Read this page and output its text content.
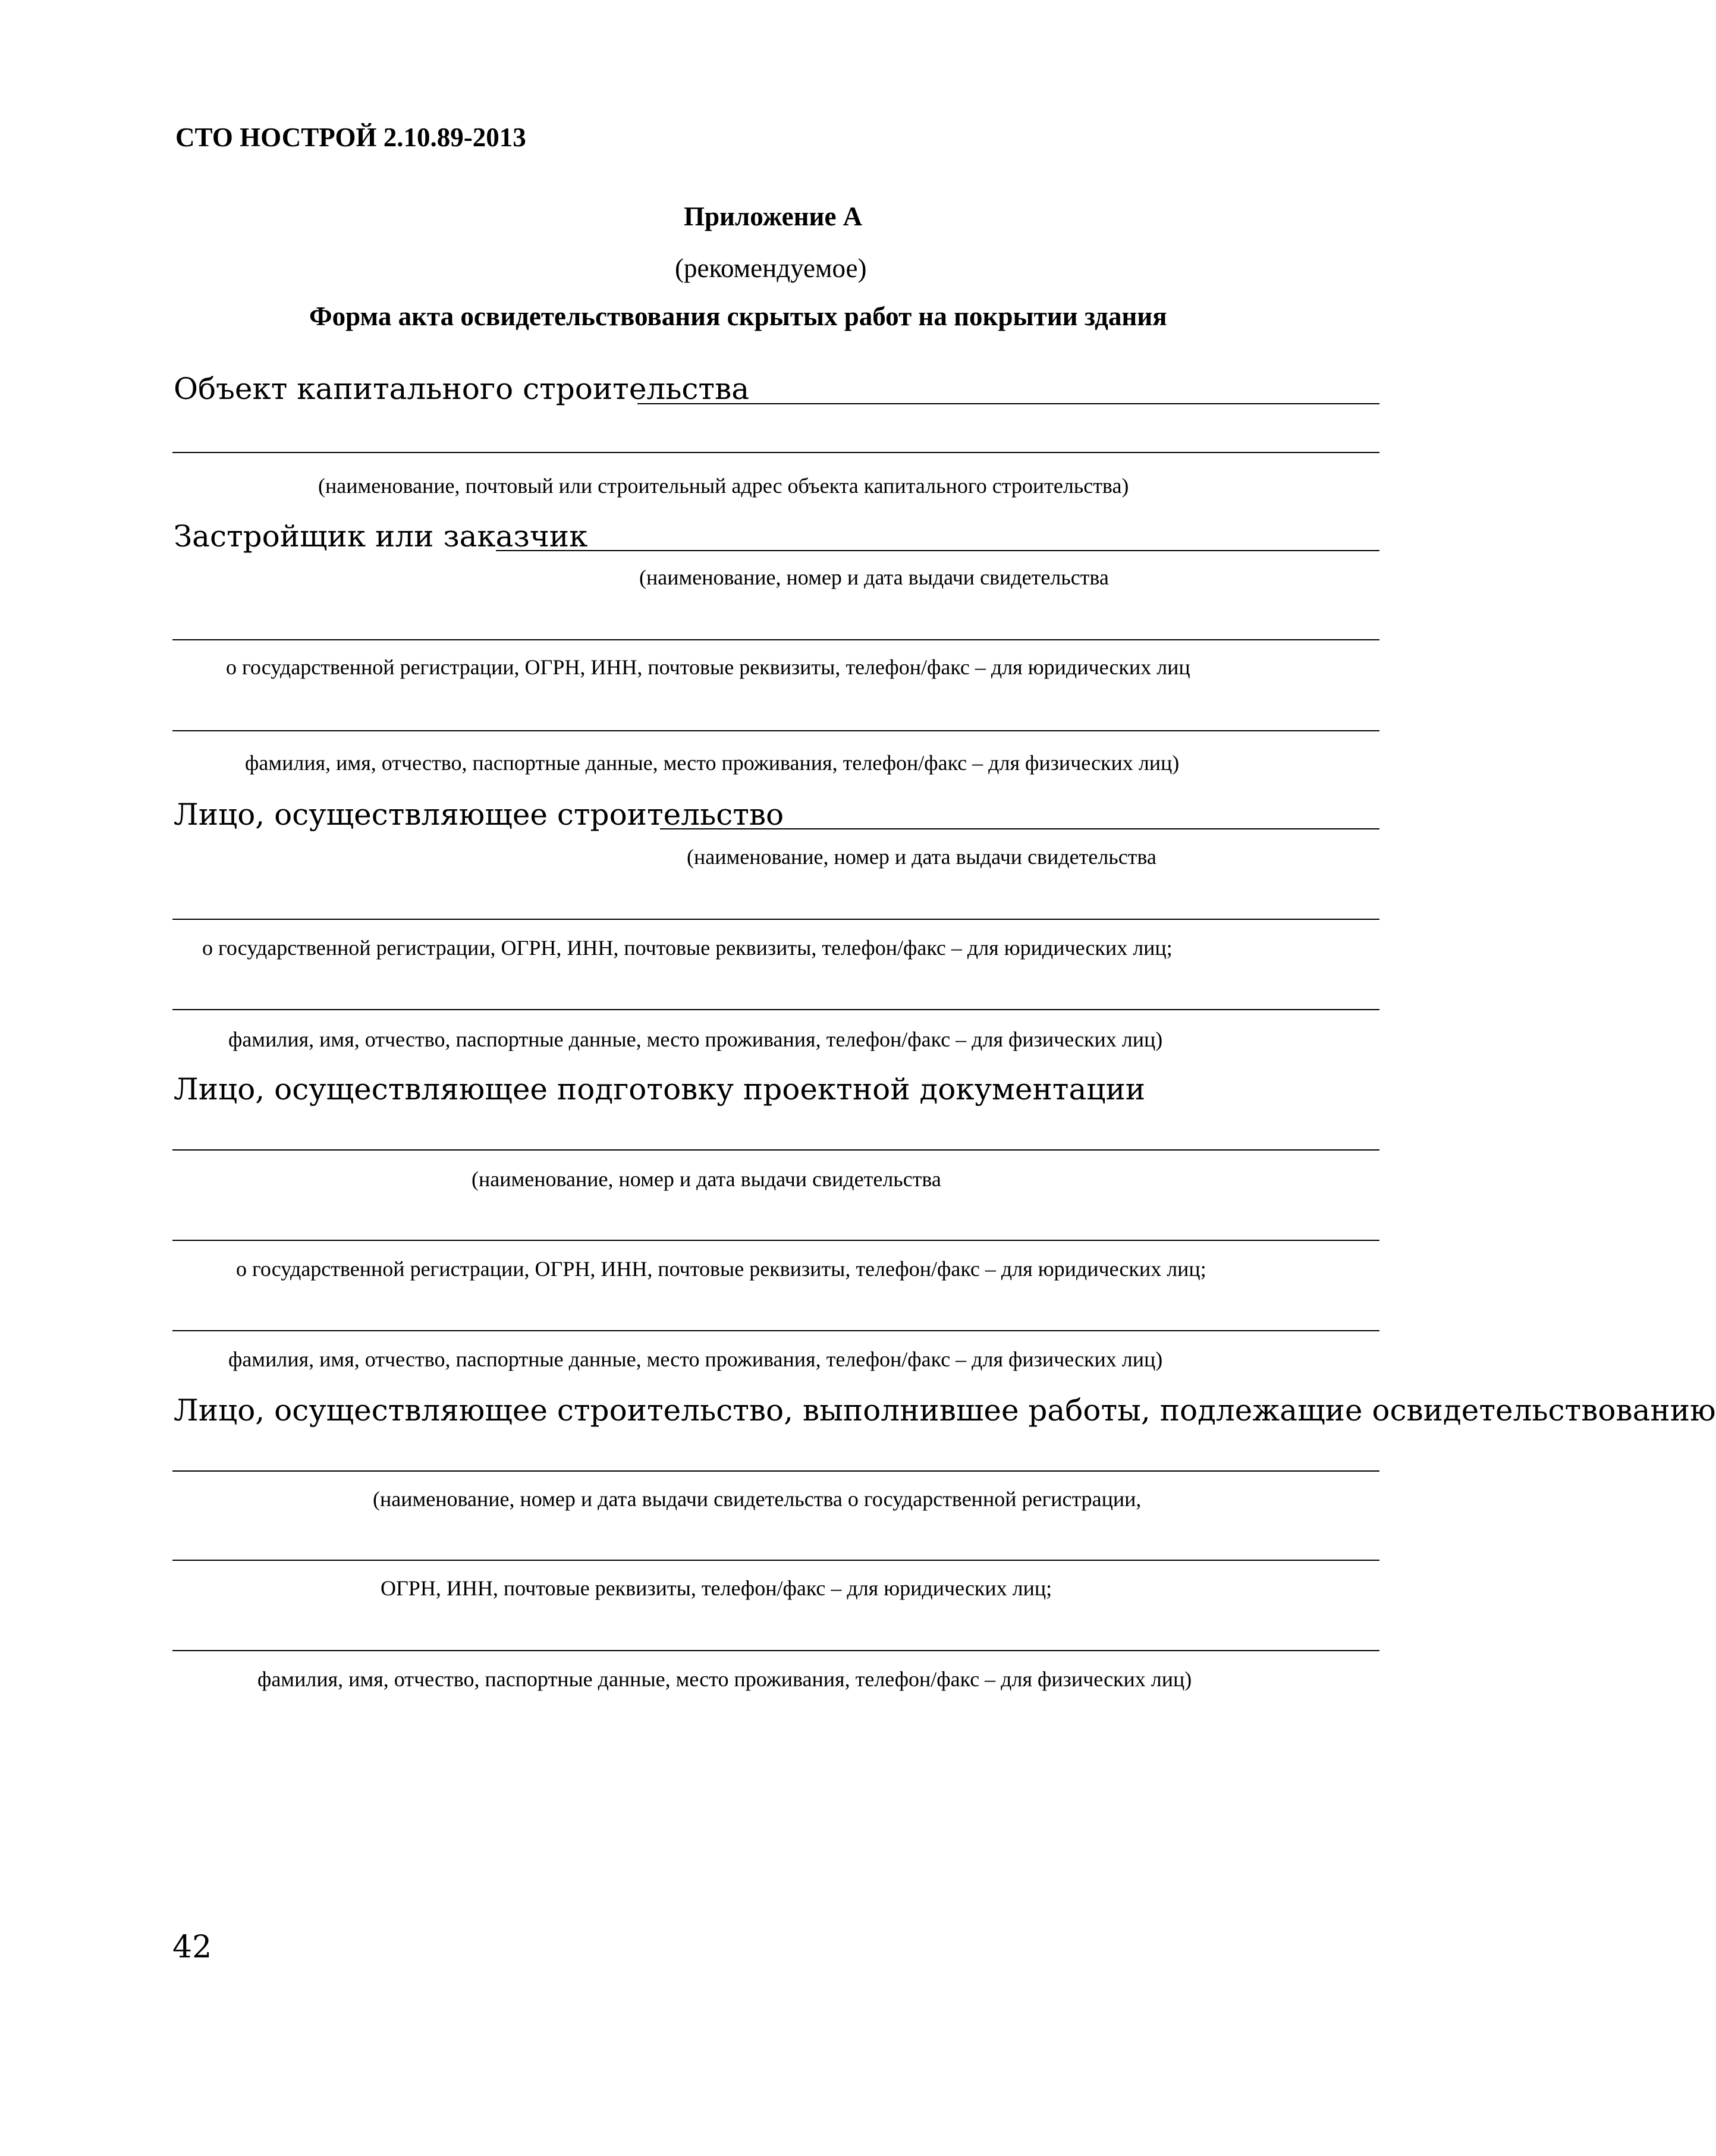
СТО НОСТРОЙ 2.10.89-2013
Приложение А
(рекомендуемое)
Форма акта освидетельствования скрытых работ на покрытии здания
Объект капитального строительства
(наименование, почтовый или строительный адрес объекта капитального строительства)
Застройщик или заказчик
(наименование, номер и дата выдачи свидетельства
о государственной регистрации, ОГРН, ИНН, почтовые реквизиты, телефон/факс – для юридических лиц
фамилия, имя, отчество, паспортные данные, место проживания, телефон/факс – для физических лиц)
Лицо, осуществляющее строительство
(наименование, номер и дата выдачи свидетельства
о государственной регистрации, ОГРН, ИНН, почтовые реквизиты, телефон/факс – для юридических лиц;
фамилия, имя, отчество, паспортные данные, место проживания, телефон/факс – для физических лиц)
Лицо, осуществляющее подготовку проектной документации
(наименование, номер и дата выдачи свидетельства
о государственной регистрации, ОГРН, ИНН, почтовые реквизиты, телефон/факс – для юридических лиц;
фамилия, имя, отчество, паспортные данные, место проживания, телефон/факс – для физических лиц)
Лицо, осуществляющее строительство, выполнившее работы, подлежащие освидетельствованию
(наименование, номер и дата выдачи свидетельства о государственной регистрации,
ОГРН, ИНН, почтовые реквизиты, телефон/факс – для юридических лиц;
фамилия, имя, отчество, паспортные данные, место проживания, телефон/факс – для физических лиц)
42
